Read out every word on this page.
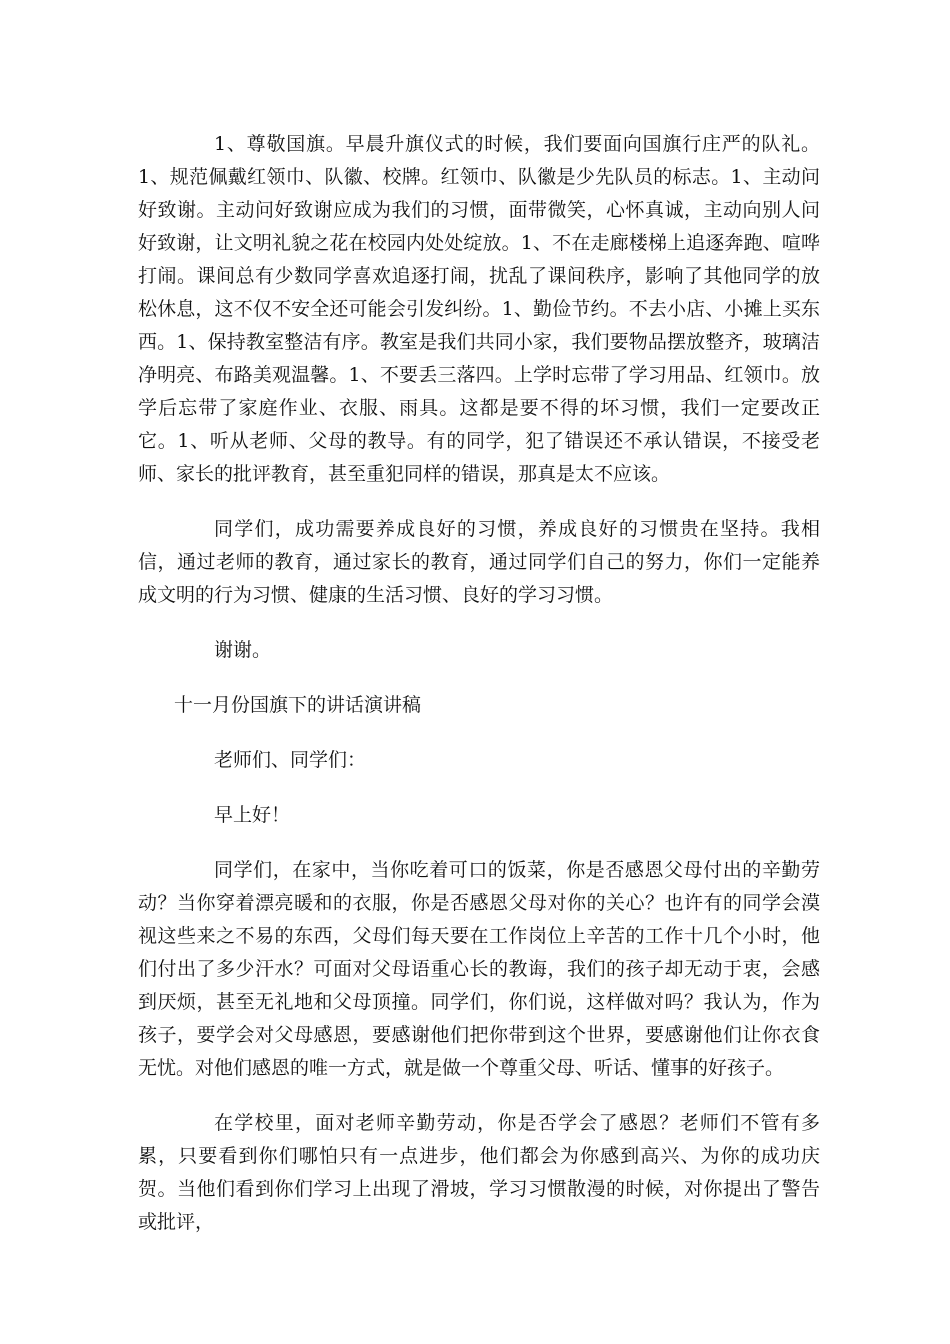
1、尊敬国旗。早晨升旗仪式的时候，我们要面向国旗行庄严的队礼。1、规范佩戴红领巾、队徽、校牌。红领巾、队徽是少先队员的标志。1、主动问好致谢。主动问好致谢应成为我们的习惯，面带微笑，心怀真诚，主动向别人问好致谢，让文明礼貌之花在校园内处处绽放。1、不在走廊楼梯上追逐奔跑、喧哗打闹。课间总有少数同学喜欢追逐打闹，扰乱了课间秩序，影响了其他同学的放松休息，这不仅不安全还可能会引发纠纷。1、勤俭节约。不去小店、小摊上买东西。1、保持教室整洁有序。教室是我们共同小家，我们要物品摆放整齐，玻璃洁净明亮、布路美观温馨。1、不要丢三落四。上学时忘带了学习用品、红领巾。放学后忘带了家庭作业、衣服、雨具。这都是要不得的坏习惯，我们一定要改正它。1、听从老师、父母的教导。有的同学，犯了错误还不承认错误，不接受老师、家长的批评教育，甚至重犯同样的错误，那真是太不应该。

同学们，成功需要养成良好的习惯，养成良好的习惯贵在坚持。我相信，通过老师的教育，通过家长的教育，通过同学们自己的努力，你们一定能养成文明的行为习惯、健康的生活习惯、良好的学习习惯。

谢谢。

十一月份国旗下的讲话演讲稿

老师们、同学们：

早上好！

同学们，在家中，当你吃着可口的饭菜，你是否感恩父母付出的辛勤劳动？当你穿着漂亮暖和的衣服，你是否感恩父母对你的关心？也许有的同学会漠视这些来之不易的东西，父母们每天要在工作岗位上辛苦的工作十几个小时，他们付出了多少汗水？可面对父母语重心长的教诲，我们的孩子却无动于衷，会感到厌烦，甚至无礼地和父母顶撞。同学们，你们说，这样做对吗？我认为，作为孩子，要学会对父母感恩，要感谢他们把你带到这个世界，要感谢他们让你衣食无忧。对他们感恩的唯一方式，就是做一个尊重父母、听话、懂事的好孩子。

在学校里，面对老师辛勤劳动，你是否学会了感恩？老师们不管有多累，只要看到你们哪怕只有一点进步，他们都会为你感到高兴、为你的成功庆贺。当他们看到你们学习上出现了滑坡，学习习惯散漫的时候，对你提出了警告或批评，
